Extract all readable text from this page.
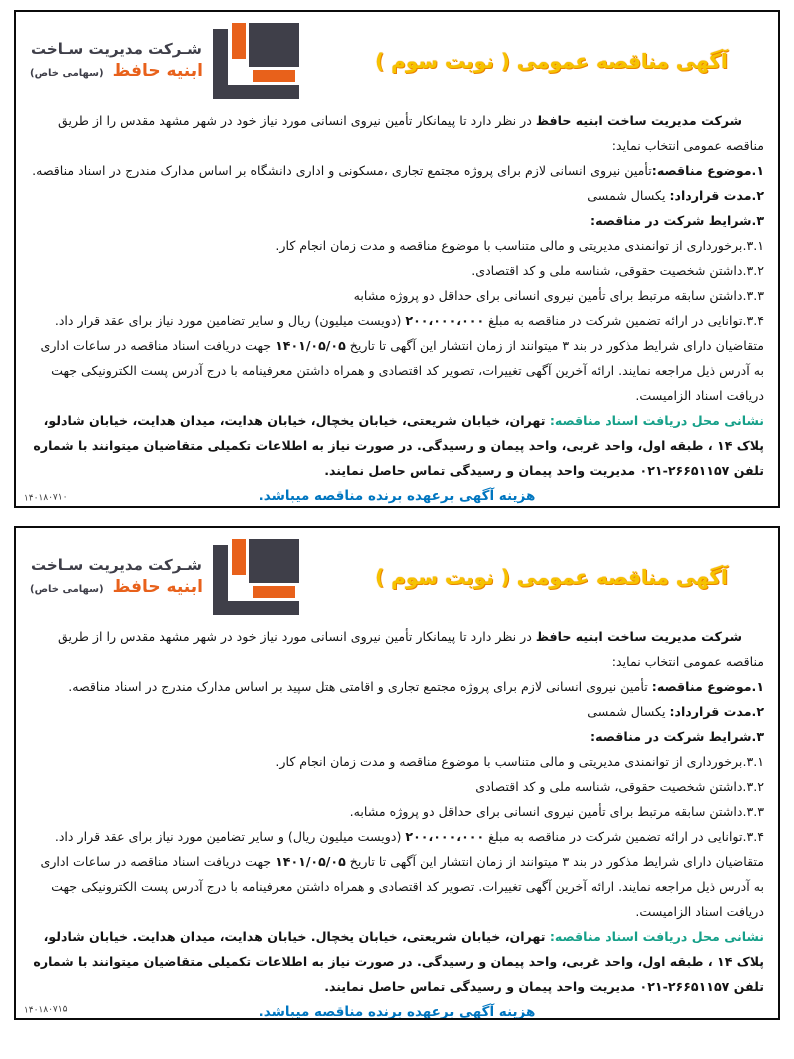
آگهی مناقصه عمومی ( نوبت سوم )
شـرکت مدیریت سـاخت
ابنیه حافظ (سهامی خاص)
شرکت مدیریت ساخت ابنیه حافظ در نظر دارد تا پیمانکار تأمین نیروی انسانی مورد نیاز خود در شهر مشهد مقدس را از طریق مناقصه عمومی انتخاب نماید:
۱.موضوع مناقصه:تأمین نیروی انسانی لازم برای پروژه مجتمع تجاری ،مسکونی و اداری دانشگاه بر اساس مدارک مندرج در اسناد مناقصه.
۲.مدت قرارداد: یکسال شمسی
۳.شرایط شرکت در مناقصه:
۳.۱.برخورداری از توانمندی مدیریتی و مالی متناسب با موضوع مناقصه و مدت زمان انجام کار.
۳.۲.داشتن شخصیت حقوقی، شناسه ملی و کد اقتصادی.
۳.۳.داشتن سابقه مرتبط برای تأمین نیروی انسانی برای حداقل دو پروژه مشابه
۳.۴.توانایی در ارائه تضمین شرکت در مناقصه به مبلغ ۲۰۰،۰۰۰،۰۰۰ (دویست میلیون) ریال و سایر تضامین مورد نیاز برای عقد قرار داد.
متقاضیان دارای شرایط مذکور در بند ۳ میتوانند از زمان انتشار این آگهی تا تاریخ ۱۴۰۱/۰۵/۰۵ جهت دریافت اسناد مناقصه در ساعات اداری به آدرس ذیل مراجعه نمایند. ارائه آخرین آگهی تغییرات، تصویر کد اقتصادی و همراه داشتن معرفینامه با درج آدرس پست الکترونیکی جهت دریافت اسناد الزامیست.
نشانی محل دریافت اسناد مناقصه: تهران، خیابان شریعتی، خیابان یخچال، خیابان هدایت، میدان هدایت، خیابان شادلو، پلاک ۱۴ ، طبقه اول، واحد غربی، واحد پیمان و رسیدگی. در صورت نیاز به اطلاعات تکمیلی متقاضیان میتوانند با شماره تلفن ۲۶۶۵۱۱۵۷-۰۲۱ مدیریت واحد پیمان و رسیدگی تماس حاصل نمایند.
هزینه آگهی برعهده برنده مناقصه میباشد.
۱۴۰۱۸۰۷۱۰
آگهی مناقصه عمومی ( نوبت سوم )
شـرکت مدیریت سـاخت
ابنیه حافظ (سهامی خاص)
شرکت مدیریت ساخت ابنیه حافظ در نظر دارد تا پیمانکار تأمین نیروی انسانی مورد نیاز خود در شهر مشهد مقدس را از طریق مناقصه عمومی انتخاب نماید:
۱.موضوع مناقصه: تأمین نیروی انسانی لازم برای پروژه مجتمع تجاری و اقامتی هتل سپید بر اساس مدارک مندرج در اسناد مناقصه.
۲.مدت قرارداد: یکسال شمسی
۳.شرایط شرکت در مناقصه:
۳.۱.برخورداری از توانمندی مدیریتی و مالی متناسب با موضوع مناقصه و مدت زمان انجام کار.
۳.۲.داشتن شخصیت حقوقی، شناسه ملی و کد اقتصادی
۳.۳.داشتن سابقه مرتبط برای تأمین نیروی انسانی برای حداقل دو پروژه مشابه.
۳.۴.توانایی در ارائه تضمین شرکت در مناقصه به مبلغ ۲۰۰،۰۰۰،۰۰۰ (دویست میلیون ریال) و سایر تضامین مورد نیاز برای عقد قرار داد.
متقاضیان دارای شرایط مذکور در بند ۳ میتوانند از زمان انتشار این آگهی تا تاریخ ۱۴۰۱/۰۵/۰۵ جهت دریافت اسناد مناقصه در ساعات اداری به آدرس ذیل مراجعه نمایند. ارائه آخرین آگهی تغییرات. تصویر کد اقتصادی و همراه داشتن معرفینامه با درج آدرس پست الکترونیکی جهت دریافت اسناد الزامیست.
نشانی محل دریافت اسناد مناقصه: تهران، خیابان شریعتی، خیابان یخچال. خیابان هدایت، میدان هدایت. خیابان شادلو، پلاک ۱۴ ، طبقه اول، واحد غربی، واحد پیمان و رسیدگی. در صورت نیاز به اطلاعات تکمیلی متقاضیان میتوانند با شماره تلفن ۲۶۶۵۱۱۵۷-۰۲۱ مدیریت واحد پیمان و رسیدگی تماس حاصل نمایند.
هزینه آگهی برعهده برنده مناقصه میباشد.
۱۴۰۱۸۰۷۱۵
